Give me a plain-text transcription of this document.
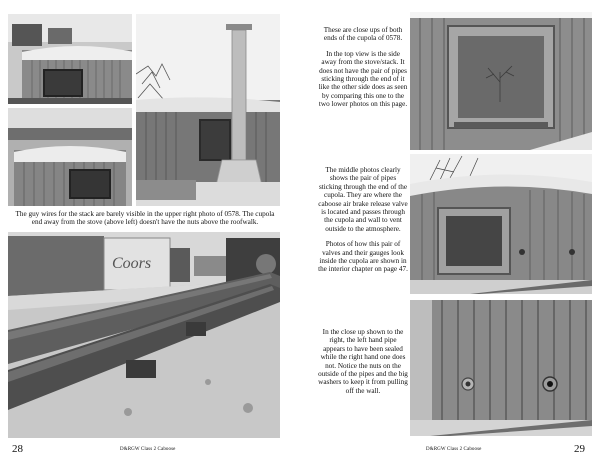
The guy wires for the stack are barely visible in the upper right photo of 0578. The cupola end away from the stove (above left) doesn't have the nuts above the roofwalk.
Coors
28	D&RGW Class 2 Caboose

These are close ups of both ends of the cupola of 0578.

In the top view is the side away from the stove/stack. It does not have the pair of pipes sticking through the end of it like the other side does as seen by comparing this one to the two lower photos on this page.

The middle photos clearly shows the pair of pipes sticking through the end of the cupola. They are where the caboose air brake release valve is located and passes through the cupola and wall to vent outside to the atmosphere.

Photos of how this pair of valves and their gauges look inside the cupola are shown in the interior chapter on page 47.

In the close up shown to the right, the left hand pipe appears to have been sealed while the right hand one does not. Notice the nuts on the outside of the pipes and the big washers to keep it from pulling off the wall.

D&RGW Class 2 Caboose	29
